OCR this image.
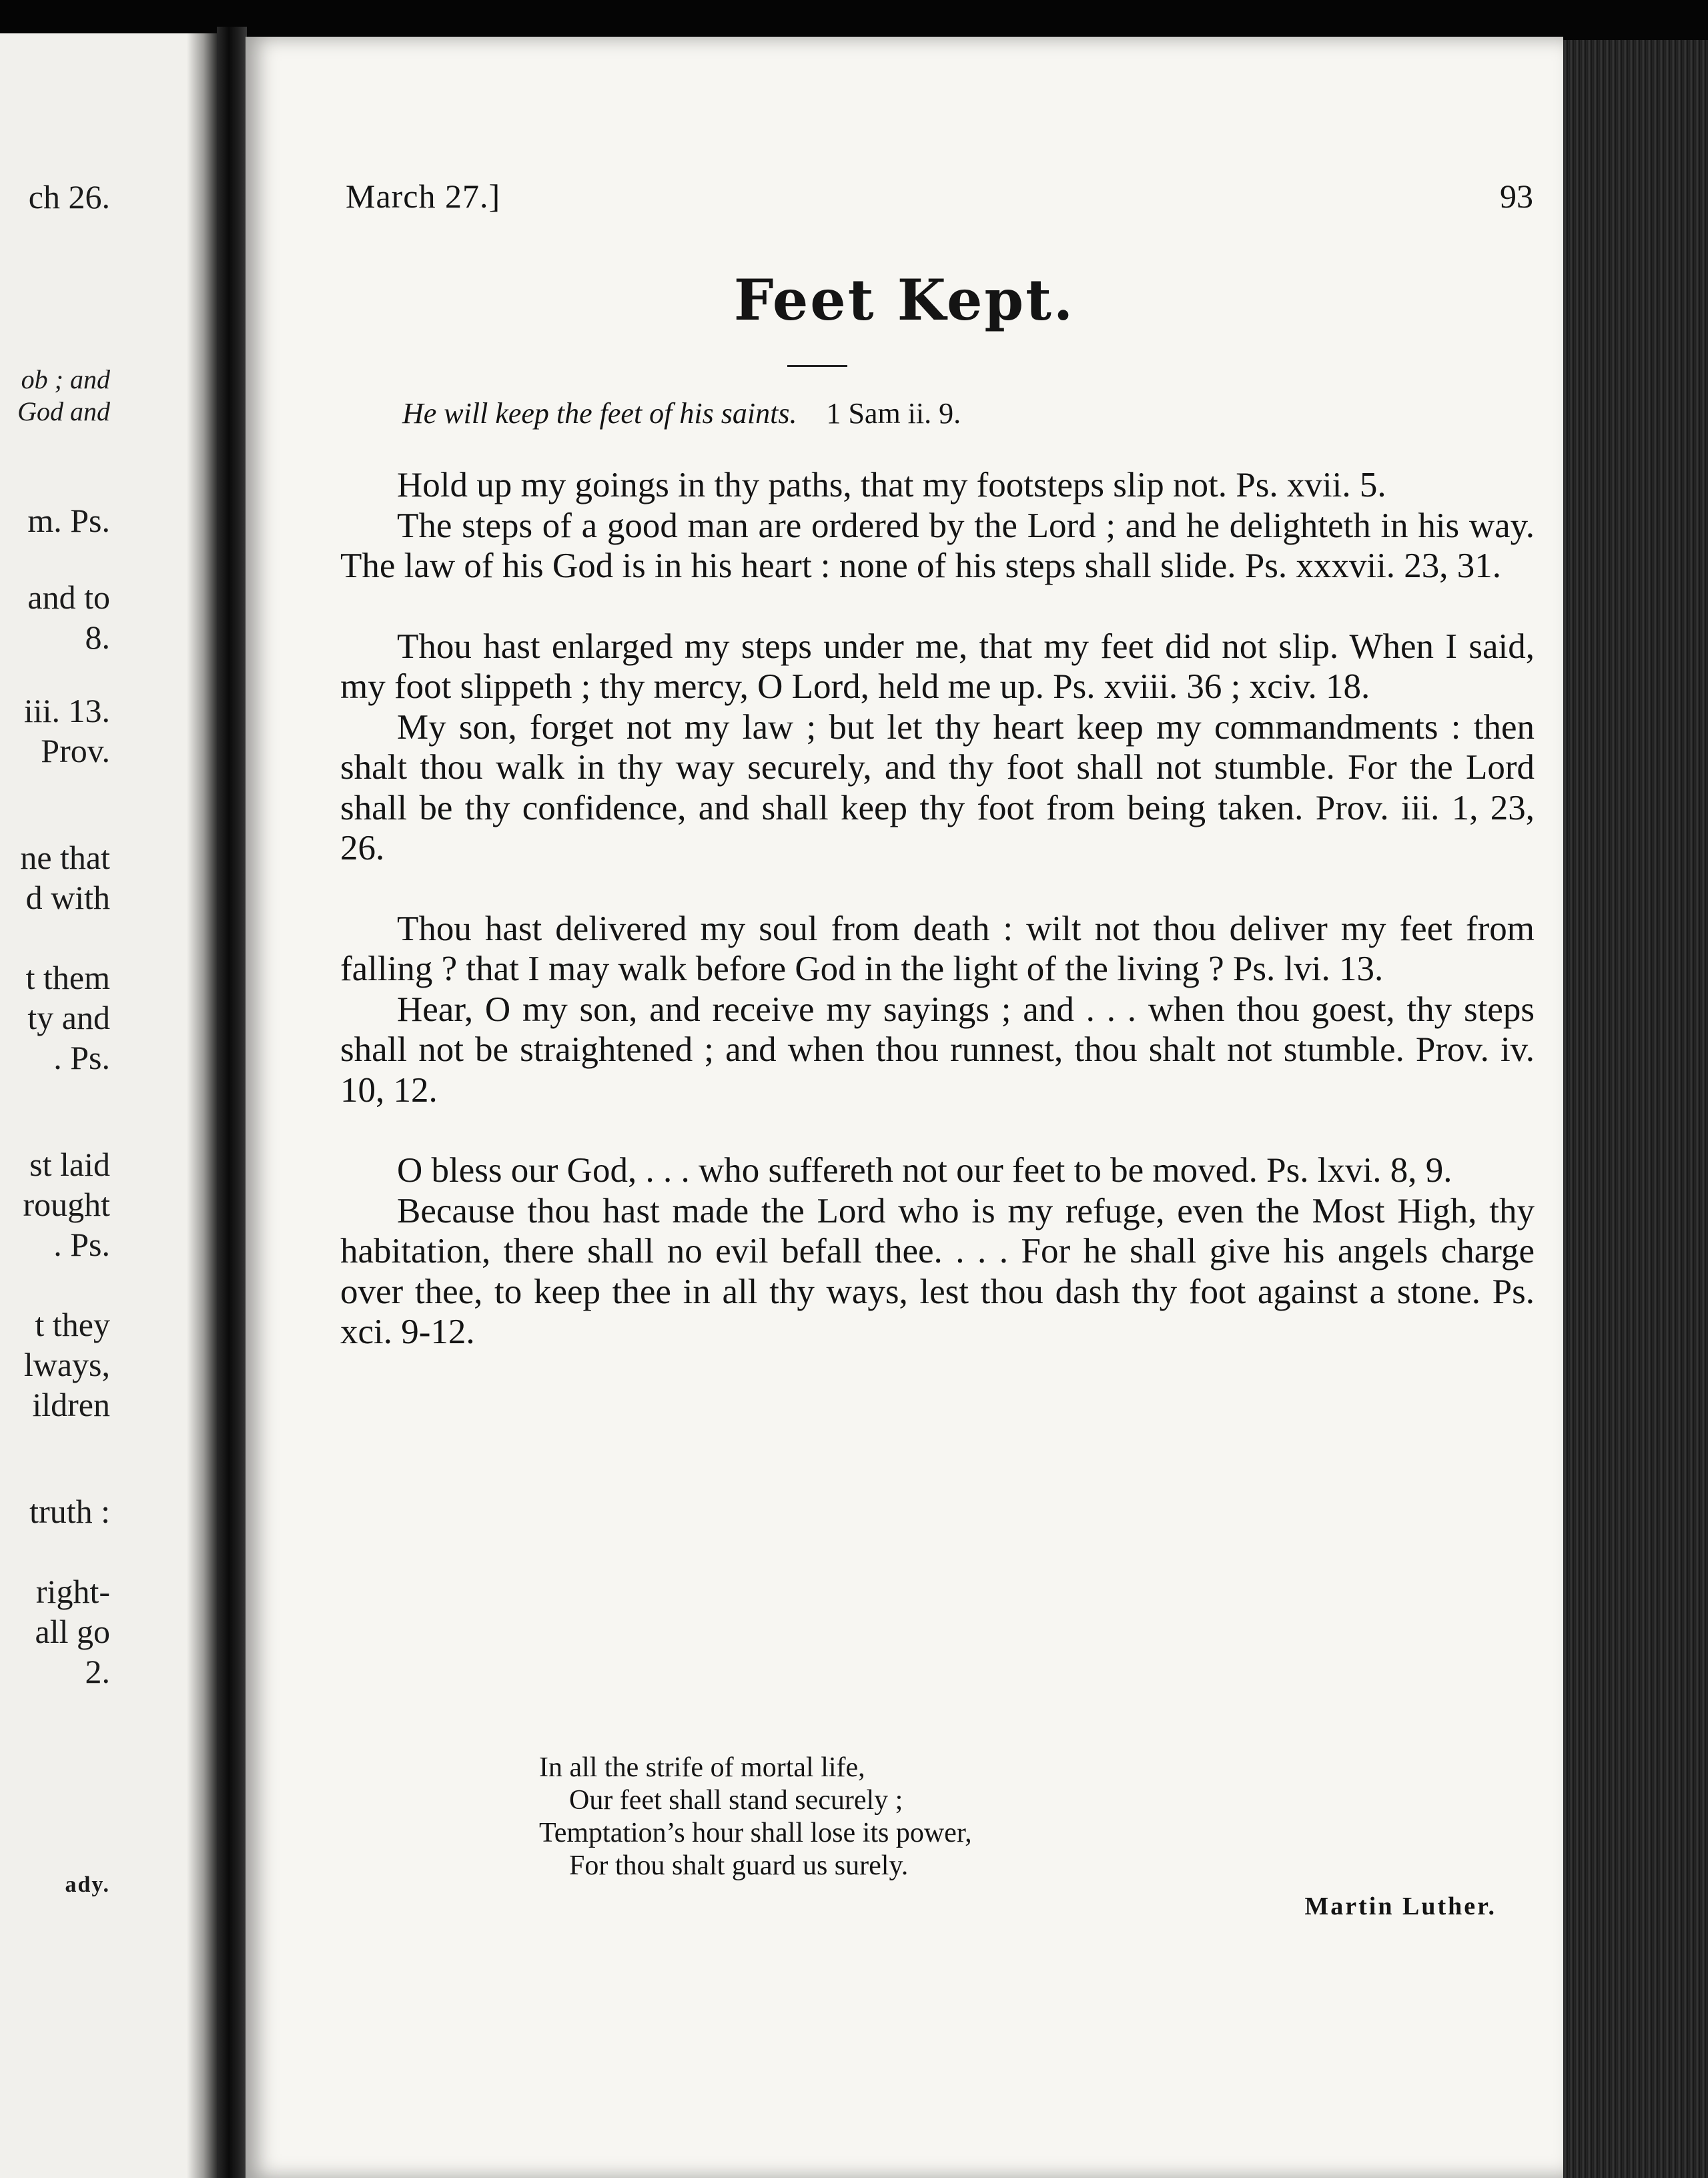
ch 26.
ob ; and
God and
m. Ps.
and to
8.
iii. 13.
Prov.
ne that
d with
t them
ty and
. Ps.
st laid
rought
. Ps.
t they
lways,
ildren
truth :
right-
all go
2.
ady.
March 27.]	93
Feet Kept.
He will keep the feet of his saints. 1 Sam ii. 9.

Hold up my goings in thy paths, that my footsteps slip not. Ps. xvii. 5.

The steps of a good man are ordered by the Lord ; and he delighteth in his way. The law of his God is in his heart : none of his steps shall slide. Ps. xxxvii. 23, 31.

Thou hast enlarged my steps under me, that my feet did not slip. When I said, my foot slippeth ; thy mercy, O Lord, held me up. Ps. xviii. 36 ; xciv. 18.

My son, forget not my law ; but let thy heart keep my commandments : then shalt thou walk in thy way securely, and thy foot shall not stumble. For the Lord shall be thy confidence, and shall keep thy foot from being taken. Prov. iii. 1, 23, 26.

Thou hast delivered my soul from death : wilt not thou deliver my feet from falling ? that I may walk before God in the light of the living ? Ps. lvi. 13.

Hear, O my son, and receive my sayings ; and . . . when thou goest, thy steps shall not be straightened ; and when thou runnest, thou shalt not stumble. Prov. iv. 10, 12.

O bless our God, . . . who suffereth not our feet to be moved. Ps. lxvi. 8, 9.

Because thou hast made the Lord who is my refuge, even the Most High, thy habitation, there shall no evil befall thee. . . . For he shall give his angels charge over thee, to keep thee in all thy ways, lest thou dash thy foot against a stone. Ps. xci. 9-12.

In all the strife of mortal life,
Our feet shall stand securely ;
Temptation’s hour shall lose its power,
For thou shalt guard us surely.
Martin Luther.
